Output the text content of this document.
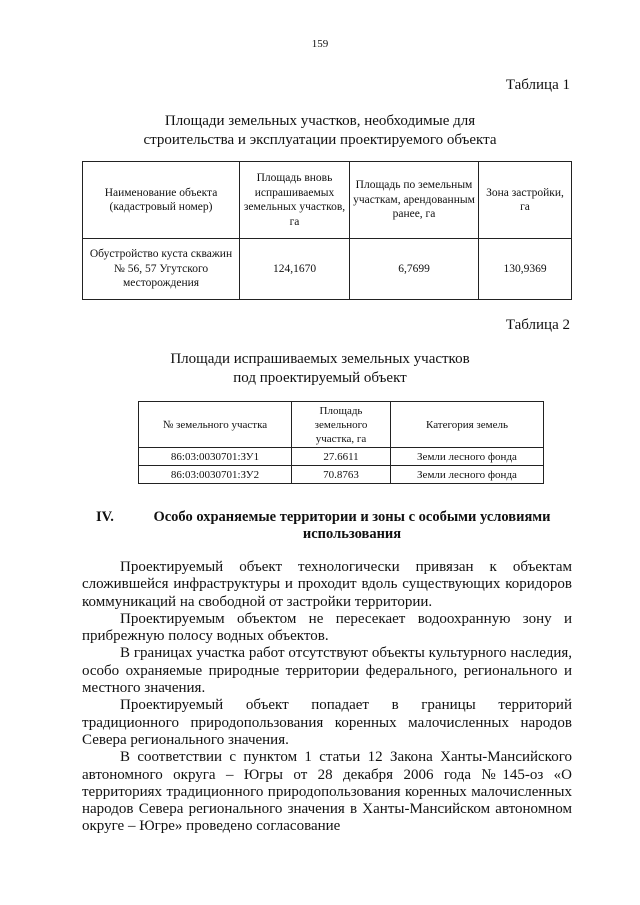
159
Таблица 1
Площади земельных участков, необходимые для
строительства и эксплуатации проектируемого объекта
Наименование объекта (кадастровый номер)	Площадь вновь испрашиваемых земельных участков, га	Площадь по земельным участкам, арендованным ранее, га	Зона застройки, га
Обустройство куста скважин № 56, 57 Угутского месторождения	124,1670	6,7699	130,9369
Таблица 2
Площади испрашиваемых земельных участков
под проектируемый объект
№ земельного участка	Площадь земельного участка, га	Категория земель
86:03:0030701:ЗУ1	27.6611	Земли лесного фонда
86:03:0030701:ЗУ2	70.8763	Земли лесного фонда
IV.	Особо охраняемые территории и зоны с особыми условиями использования

Проектируемый объект технологически привязан к объектам сложившейся инфраструктуры и проходит вдоль существующих коридоров коммуникаций на свободной от застройки территории.

Проектируемым объектом не пересекает водоохранную зону и прибрежную полосу водных объектов.

В границах участка работ отсутствуют объекты культурного наследия, особо охраняемые природные территории федерального, регионального и местного значения.

Проектируемый объект попадает в границы территорий традиционного природопользования коренных малочисленных народов Севера регионального значения.

В соответствии с пунктом 1 статьи 12 Закона Ханты-Мансийского автономного округа – Югры от 28 декабря 2006 года №145-оз «О территориях традиционного природопользования коренных малочисленных народов Севера регионального значения в Ханты-Мансийском автономном округе – Югре» проведено согласование
